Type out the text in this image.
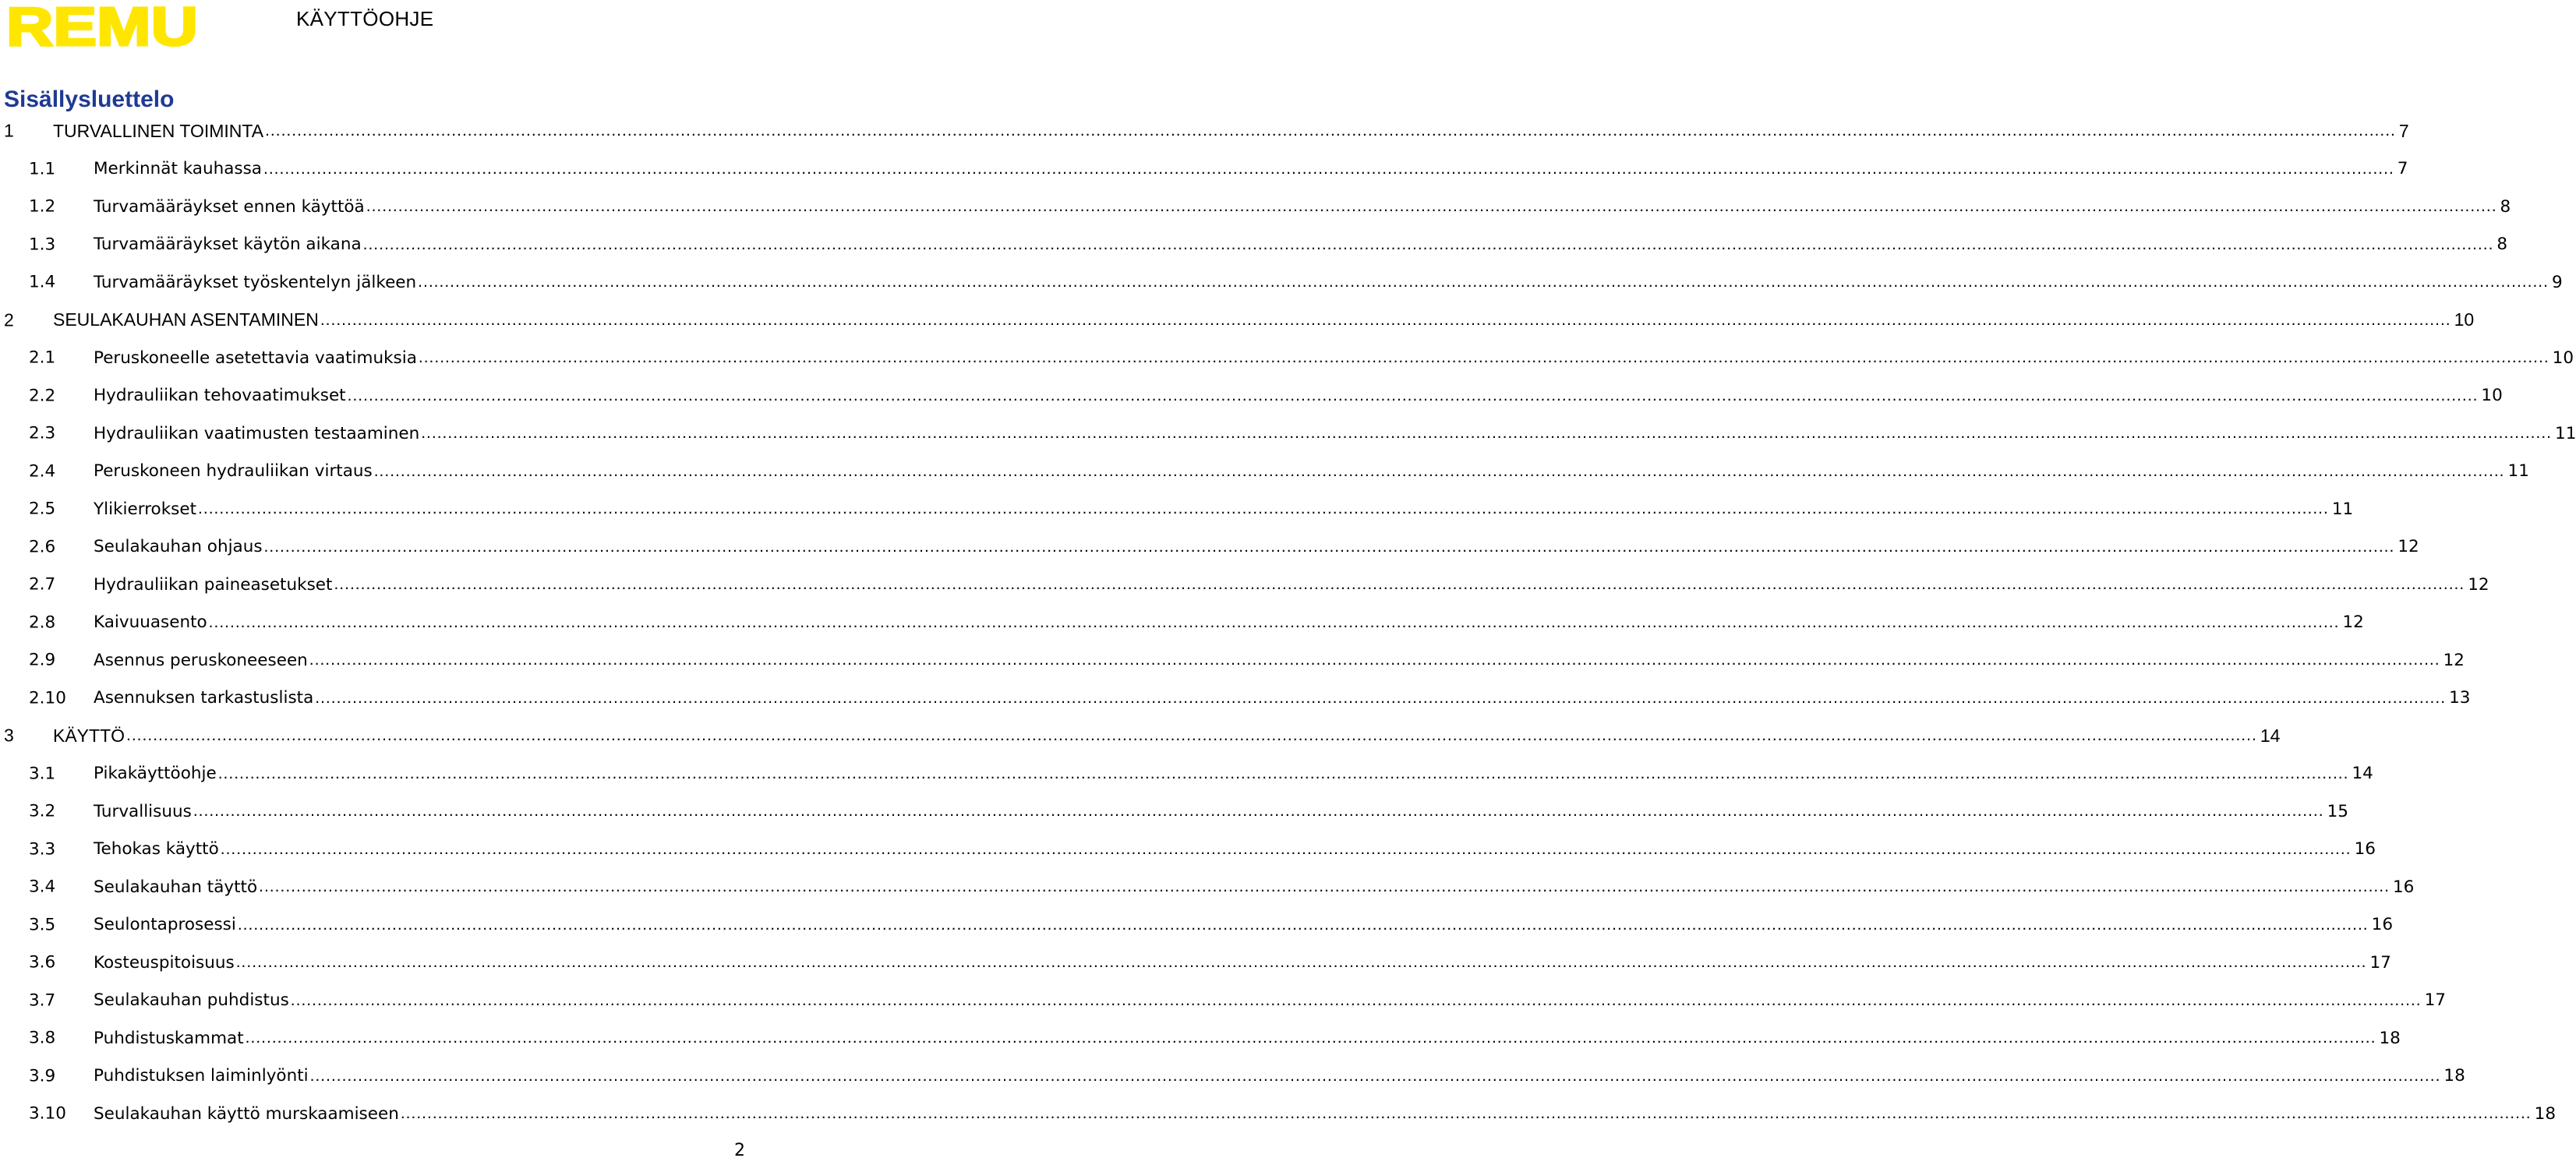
REMU	KÄYTTÖOHJE
Sisällysluettelo
1 TURVALLINEN TOIMINTA ................................................................................................................................................................................................................................................................................................................................................................................................................ 7
1.1 Merkinnät kauhassa ................................................................................................................................................................................................................................................................................................................................................................................................................ 7
1.2 Turvamääräykset ennen käyttöä ................................................................................................................................................................................................................................................................................................................................................................................................................ 8
1.3 Turvamääräykset käytön aikana ................................................................................................................................................................................................................................................................................................................................................................................................................ 8
1.4 Turvamääräykset työskentelyn jälkeen ................................................................................................................................................................................................................................................................................................................................................................................................................ 9
2 SEULAKAUHAN ASENTAMINEN ................................................................................................................................................................................................................................................................................................................................................................................................................ 10
2.1 Peruskoneelle asetettavia vaatimuksia ................................................................................................................................................................................................................................................................................................................................................................................................................ 10
2.2 Hydrauliikan tehovaatimukset ................................................................................................................................................................................................................................................................................................................................................................................................................ 10
2.3 Hydrauliikan vaatimusten testaaminen ................................................................................................................................................................................................................................................................................................................................................................................................................ 11
2.4 Peruskoneen hydrauliikan virtaus ................................................................................................................................................................................................................................................................................................................................................................................................................ 11
2.5 Ylikierrokset ................................................................................................................................................................................................................................................................................................................................................................................................................ 11
2.6 Seulakauhan ohjaus ................................................................................................................................................................................................................................................................................................................................................................................................................ 12
2.7 Hydrauliikan paineasetukset ................................................................................................................................................................................................................................................................................................................................................................................................................ 12
2.8 Kaivuuasento ................................................................................................................................................................................................................................................................................................................................................................................................................ 12
2.9 Asennus peruskoneeseen ................................................................................................................................................................................................................................................................................................................................................................................................................ 12
2.10 Asennuksen tarkastuslista ................................................................................................................................................................................................................................................................................................................................................................................................................ 13
3 KÄYTTÖ ................................................................................................................................................................................................................................................................................................................................................................................................................ 14
3.1 Pikakäyttöohje ................................................................................................................................................................................................................................................................................................................................................................................................................ 14
3.2 Turvallisuus ................................................................................................................................................................................................................................................................................................................................................................................................................ 15
3.3 Tehokas käyttö ................................................................................................................................................................................................................................................................................................................................................................................................................ 16
3.4 Seulakauhan täyttö ................................................................................................................................................................................................................................................................................................................................................................................................................ 16
3.5 Seulontaprosessi ................................................................................................................................................................................................................................................................................................................................................................................................................ 16
3.6 Kosteuspitoisuus ................................................................................................................................................................................................................................................................................................................................................................................................................ 17
3.7 Seulakauhan puhdistus ................................................................................................................................................................................................................................................................................................................................................................................................................ 17
3.8 Puhdistuskammat ................................................................................................................................................................................................................................................................................................................................................................................................................ 18
3.9 Puhdistuksen laiminlyönti ................................................................................................................................................................................................................................................................................................................................................................................................................ 18
3.10 Seulakauhan käyttö murskaamiseen ................................................................................................................................................................................................................................................................................................................................................................................................................ 18
2
